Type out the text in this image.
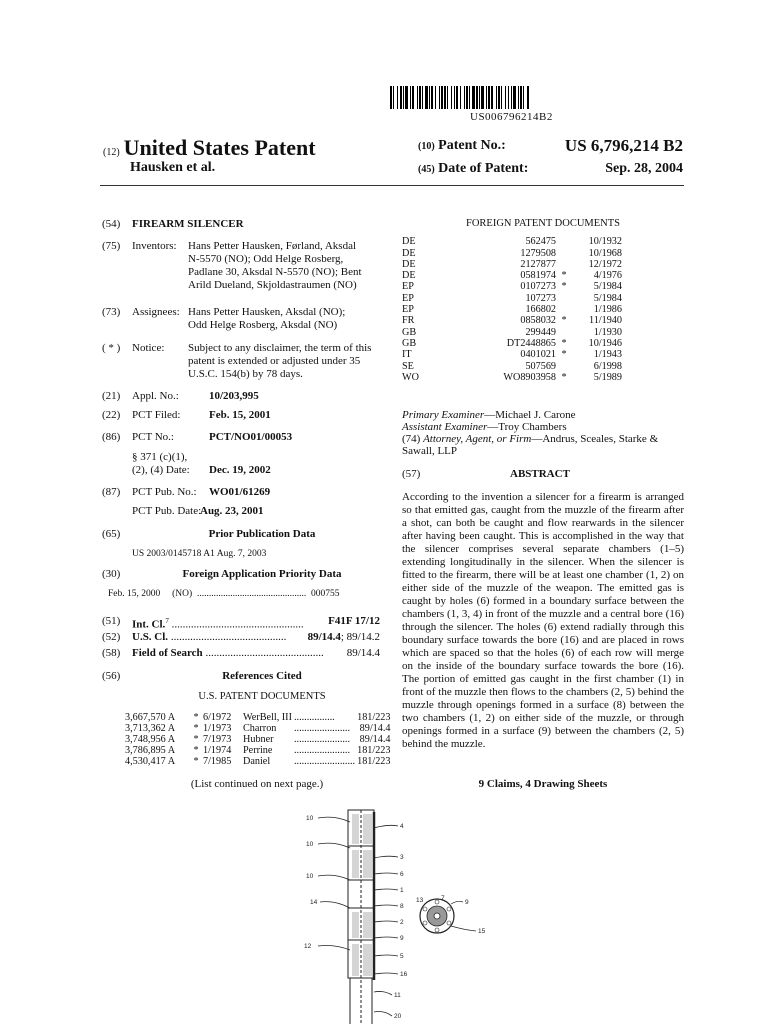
US006796214B2
(12) United States Patent
Hausken et al.
(10) Patent No.:	US 6,796,214 B2
(45) Date of Patent:	Sep. 28, 2004
(54) FIREARM SILENCER
(75) Inventors: Hans Petter Hausken, Førland, Aksdal
N-5570 (NO); Odd Helge Rosberg,
Padlane 30, Aksdal N-5570 (NO); Bent
Arild Dueland, Skjoldastraumen (NO)
(73) Assignees: Hans Petter Hausken, Aksdal (NO);
Odd Helge Rosberg, Aksdal (NO)
( * ) Notice: Subject to any disclaimer, the term of this
patent is extended or adjusted under 35
U.S.C. 154(b) by 78 days.
(21) Appl. No.:	10/203,995
(22) PCT Filed:	Feb. 15, 2001
(86) PCT No.:	PCT/NO01/00053
§ 371 (c)(1),
(2), (4) Date: Dec. 19, 2002
(87) PCT Pub. No.: WO01/61269
PCT Pub. Date:
Aug. 23, 2001
(65)	Prior Publication Data
US 2003/0145718 A1 Aug. 7, 2003
(30)	Foreign Application Priority Data
Feb. 15, 2000 (NO) .............................................. 000755
(51) Int. Cl.$^7$ ................................................	F41F 17/12
(52) U.S. Cl. ..........................................	89/14.4; 89/14.2
(58) Field of Search ...........................................	89/14.4
(56)	References Cited
U.S. PATENT DOCUMENTS
3,667,570 A	*	6/1972	WerBell, III	................	181/223
3,713,362 A	*	1/1973	Charron	......................	89/14.4
3,748,956 A	*	7/1973	Hubner	......................	89/14.4
3,786,895 A	*	1/1974	Perrine	......................	181/223
4,530,417 A	*	7/1985	Daniel	........................	181/223
(List continued on next page.)
FOREIGN PATENT DOCUMENTS
DE	562475		10/1932
DE	1279508		10/1968
DE	2127877		12/1972
DE	0581974	*	4/1976
EP	0107273	*	5/1984
EP	107273		5/1984
EP	166802		1/1986
FR	0858032	*	11/1940
GB	299449		1/1930
GB	DT2448865	*	10/1946
IT	0401021	*	1/1943
SE	507569		6/1998
WO	WO8903958	*	5/1989
Primary Examiner—Michael J. Carone
Assistant Examiner—Troy Chambers
(74) Attorney, Agent, or Firm—Andrus, Sceales, Starke &
Sawall, LLP
(57)	ABSTRACT
According to the invention a silencer for a firearm is arranged so that emitted gas, caught from the muzzle of the firearm after a shot, can both be caught and flow rearwards in the silencer after having been caught. This is accomplished in the way that the silencer comprises several separate chambers (1–5) extending longitudinally in the silencer. When the silencer is fitted to the firearm, there will be at least one chamber (1, 2) on either side of the muzzle of the weapon. The emitted gas is caught by holes (6) formed in a boundary surface between the chambers (1, 3, 4) in front of the muzzle and a central bore (16) through the silencer. The holes (6) extend radially through this boundary surface towards the bore (16) and are placed in rows which are spaced so that the holes (6) of each row will merge on the inside of the boundary surface towards the bore (16). The portion of emitted gas caught in the first chamber (1) in front of the muzzle then flows to the chambers (2, 5) behind the muzzle through openings formed in a surface (8) between the two chambers (1, 2) on either side of the muzzle, or through openings formed in a surface (9) between the chambers (2, 5) behind the muzzle.
9 Claims, 4 Drawing Sheets
10
10
10
14
12
4
3
6
1
8
2
9
5
16
11
20
13	7
9
15
